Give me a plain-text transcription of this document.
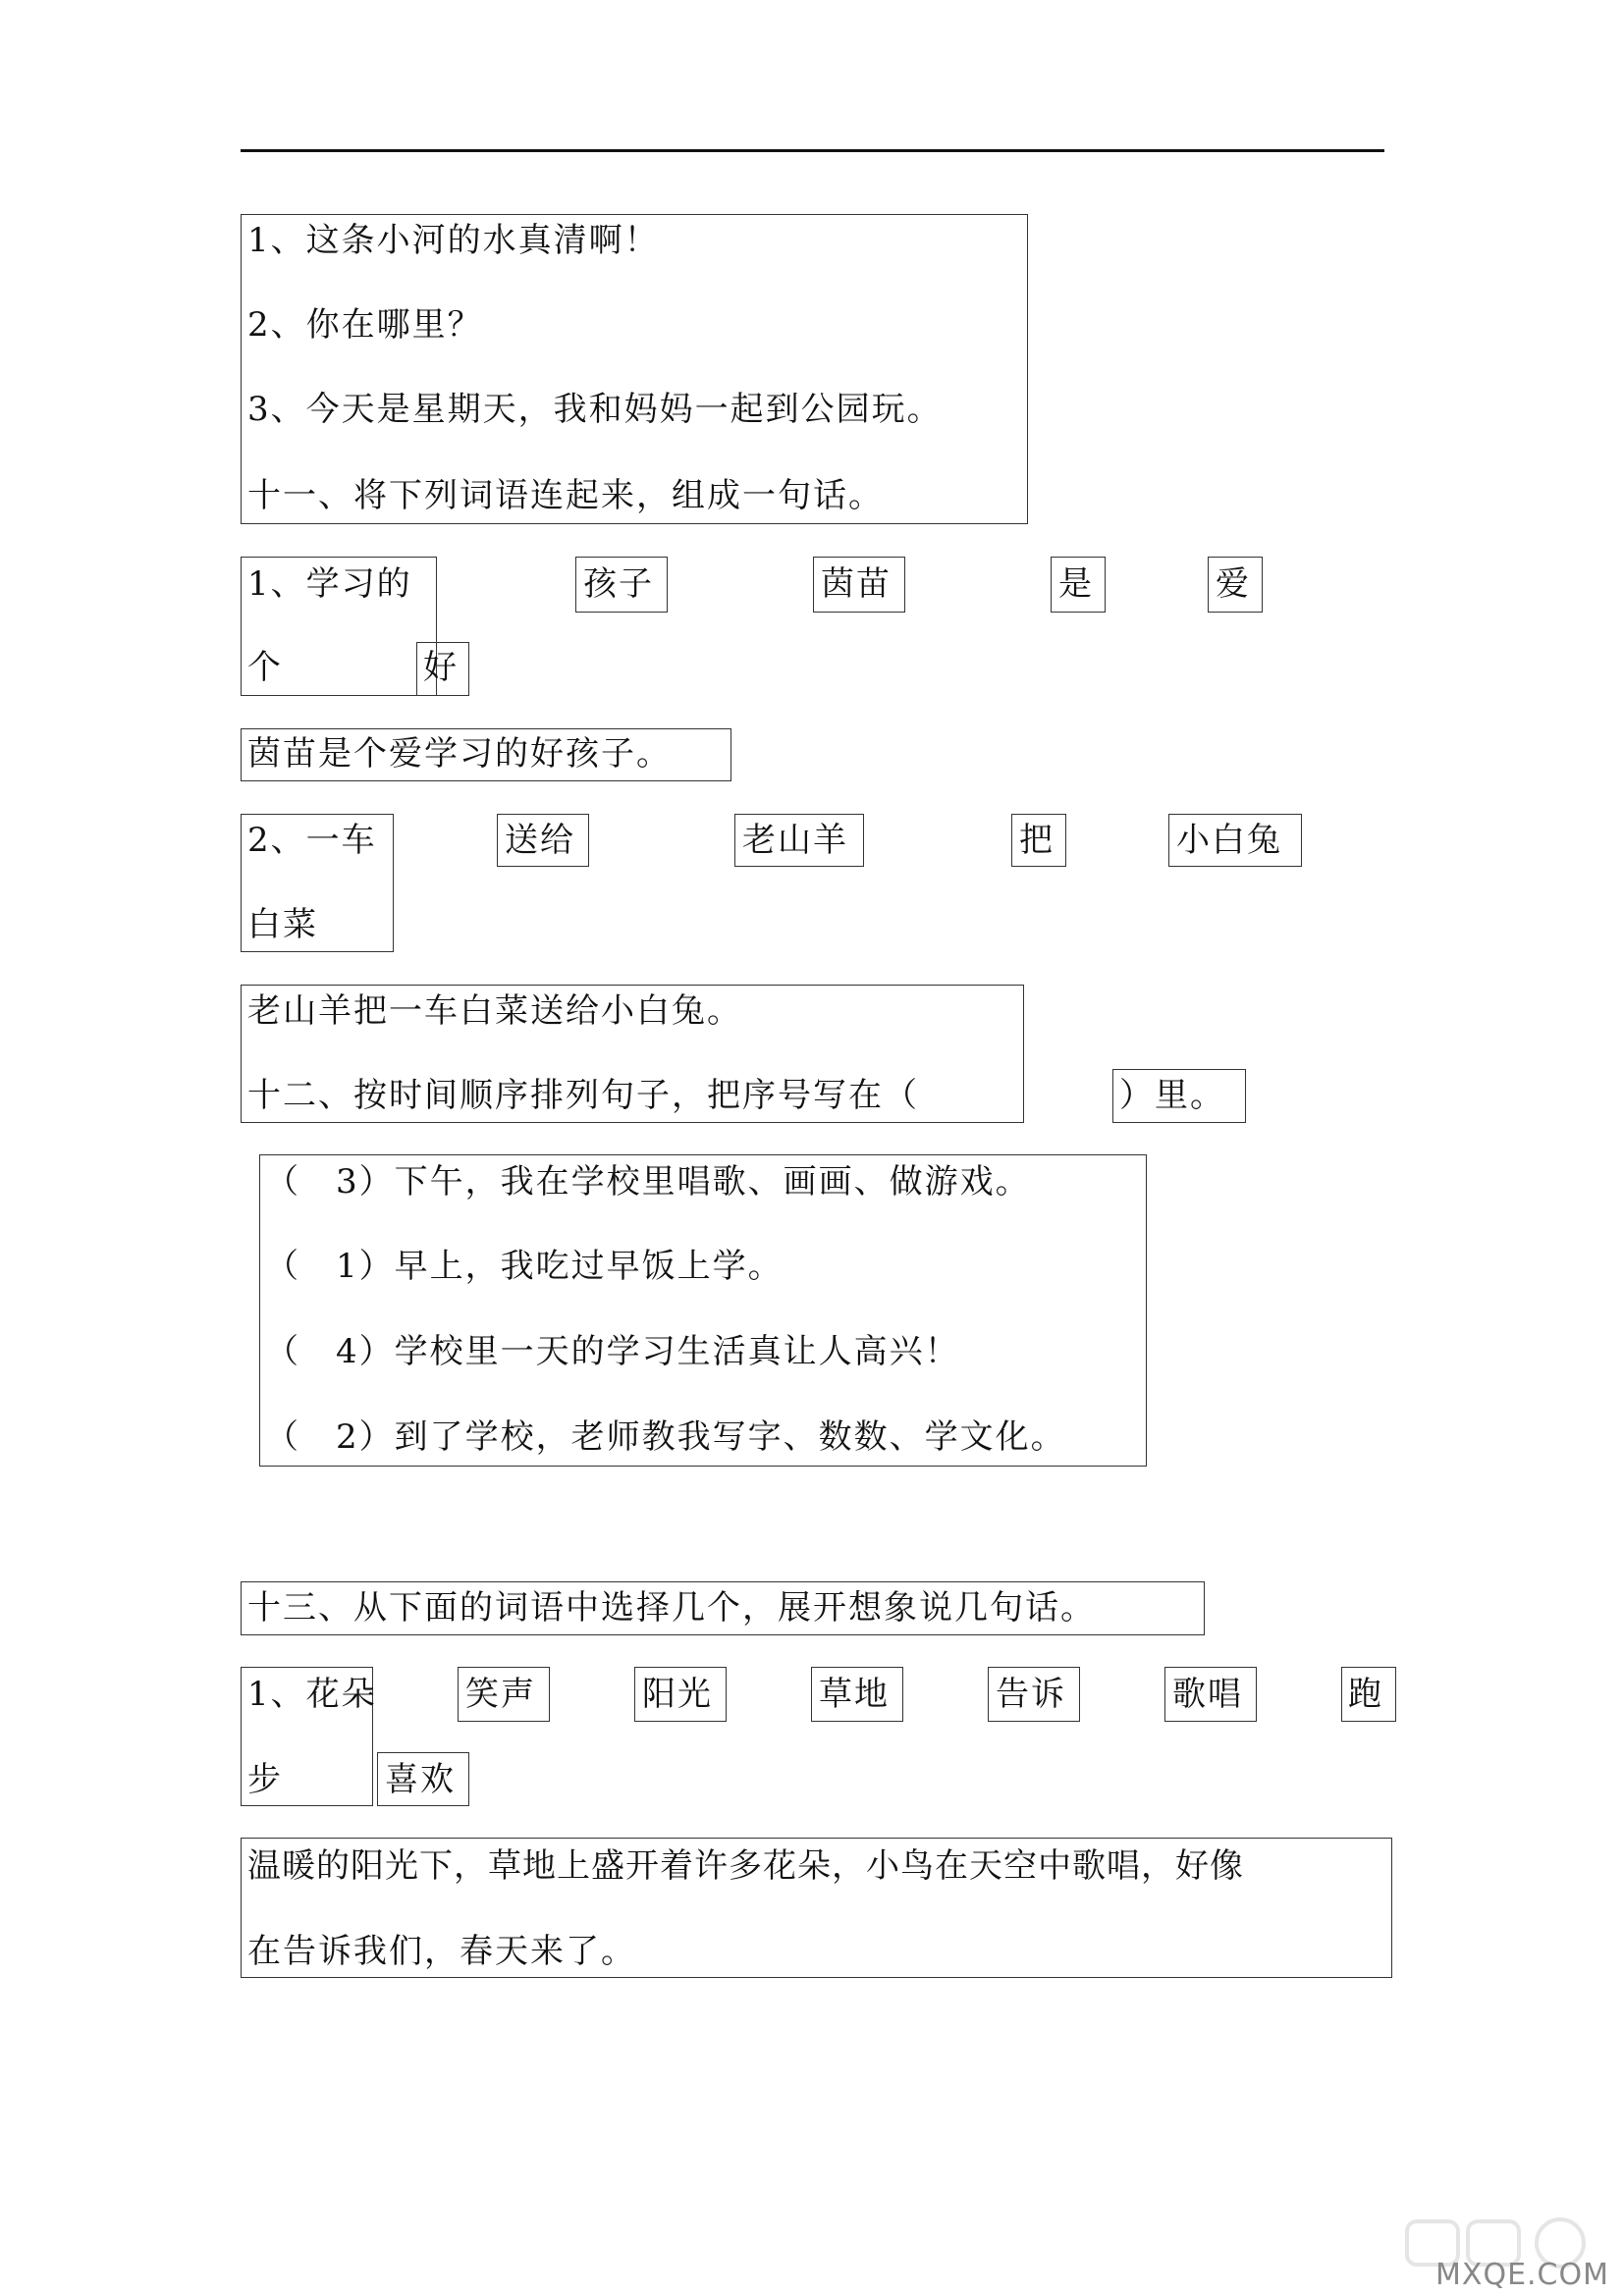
1、这条小河的水真清啊！
2、你在哪里？
3、今天是星期天，我和妈妈一起到公园玩。
十一、将下列词语连起来，组成一句话。
1、学习的
个
孩子	茵苗	是	爱
好
茵苗是个爱学习的好孩子。
2、一车
白菜
送给	老山羊	把	小白兔
老山羊把一车白菜送给小白兔。
十二、按时间顺序排列句子，把序号写在（	）里。
（　3）下午，我在学校里唱歌、画画、做游戏。
（　1）早上，我吃过早饭上学。
（　4）学校里一天的学习生活真让人高兴！
（　2）到了学校，老师教我写字、数数、学文化。
十三、从下面的词语中选择几个，展开想象说几句话。
1、花朵
步
笑声	阳光	草地	告诉	歌唱	跑
喜欢
温暖的阳光下，草地上盛开着许多花朵，小鸟在天空中歌唱，好像
在告诉我们，春天来了。
MXQE.COM
